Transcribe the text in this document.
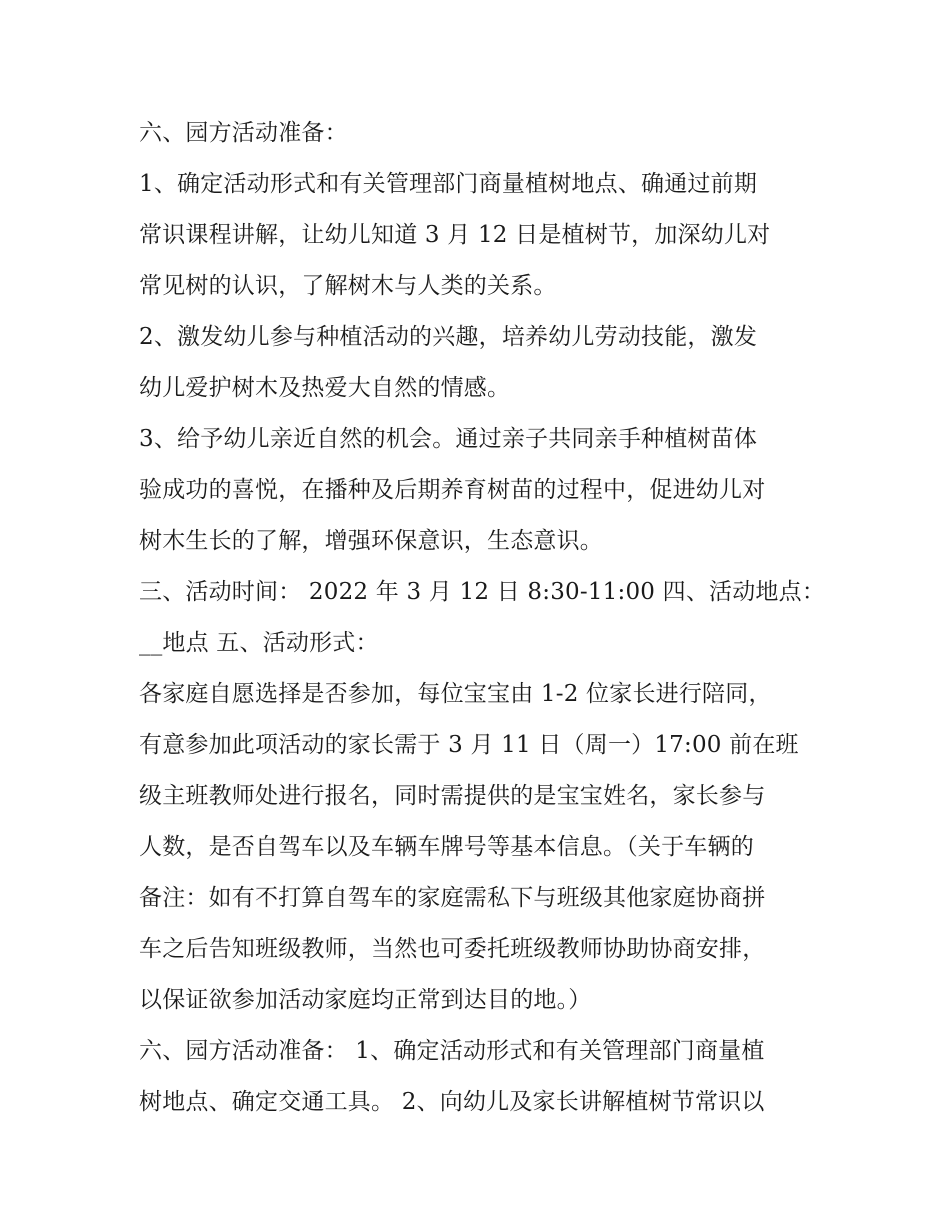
六、园方活动准备：
1、确定活动形式和有关管理部门商量植树地点、确通过前期
常识课程讲解，让幼儿知道 3 月 12 日是植树节，加深幼儿对
常见树的认识，了解树木与人类的关系。
2、激发幼儿参与种植活动的兴趣，培养幼儿劳动技能，激发
幼儿爱护树木及热爱大自然的情感。
3、给予幼儿亲近自然的机会。通过亲子共同亲手种植树苗体
验成功的喜悦，在播种及后期养育树苗的过程中，促进幼儿对
树木生长的了解，增强环保意识，生态意识。
三、活动时间： 2022 年 3 月 12 日 8:30-11:00 四、活动地点：
__地点 五、活动形式：
各家庭自愿选择是否参加，每位宝宝由 1-2 位家长进行陪同，
有意参加此项活动的家长需于 3 月 11 日（周一）17:00 前在班
级主班教师处进行报名，同时需提供的是宝宝姓名，家长参与
人数，是否自驾车以及车辆车牌号等基本信息。（关于车辆的
备注：如有不打算自驾车的家庭需私下与班级其他家庭协商拼
车之后告知班级教师，当然也可委托班级教师协助协商安排，
以保证欲参加活动家庭均正常到达目的地。）
六、园方活动准备： 1、确定活动形式和有关管理部门商量植
树地点、确定交通工具。 2、向幼儿及家长讲解植树节常识以
